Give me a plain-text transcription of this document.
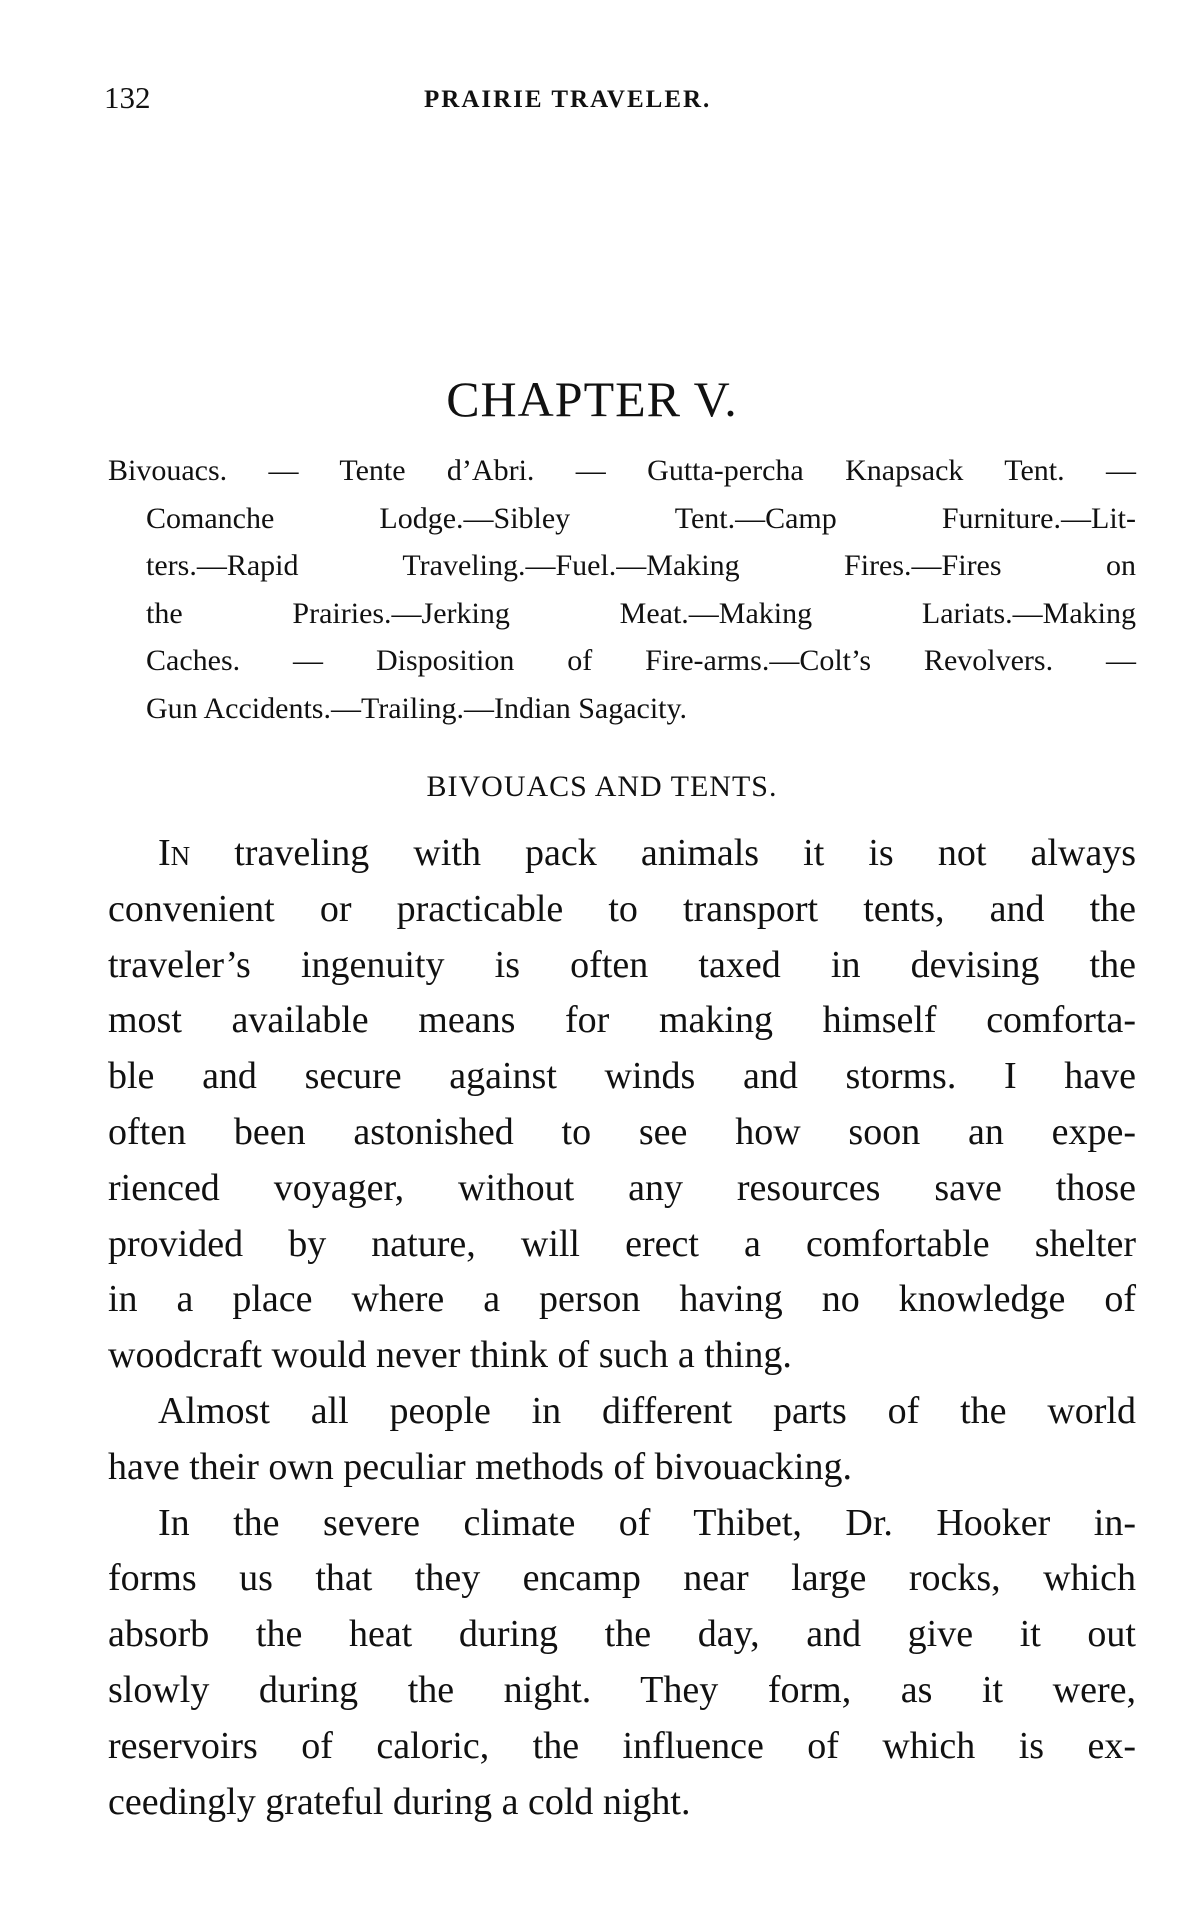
132	PRAIRIE TRAVELER.
CHAPTER V.
Bivouacs. — Tente d’Abri. — Gutta-percha Knapsack Tent. —
Comanche Lodge.—Sibley Tent.—Camp Furniture.—Lit-
ters.—Rapid Traveling.—Fuel.—Making Fires.—Fires on
the Prairies.—Jerking Meat.—Making Lariats.—Making
Caches. — Disposition of Fire-arms.—Colt’s Revolvers. —
Gun Accidents.—Trailing.—Indian Sagacity.
BIVOUACS AND TENTS.
In traveling with pack animals it is not always
convenient or practicable to transport tents, and the
traveler’s ingenuity is often taxed in devising the
most available means for making himself comforta-
ble and secure against winds and storms. I have
often been astonished to see how soon an expe-
rienced voyager, without any resources save those
provided by nature, will erect a comfortable shelter
in a place where a person having no knowledge of
woodcraft would never think of such a thing.
Almost all people in different parts of the world
have their own peculiar methods of bivouacking.
In the severe climate of Thibet, Dr. Hooker in-
forms us that they encamp near large rocks, which
absorb the heat during the day, and give it out
slowly during the night. They form, as it were,
reservoirs of caloric, the influence of which is ex-
ceedingly grateful during a cold night.
